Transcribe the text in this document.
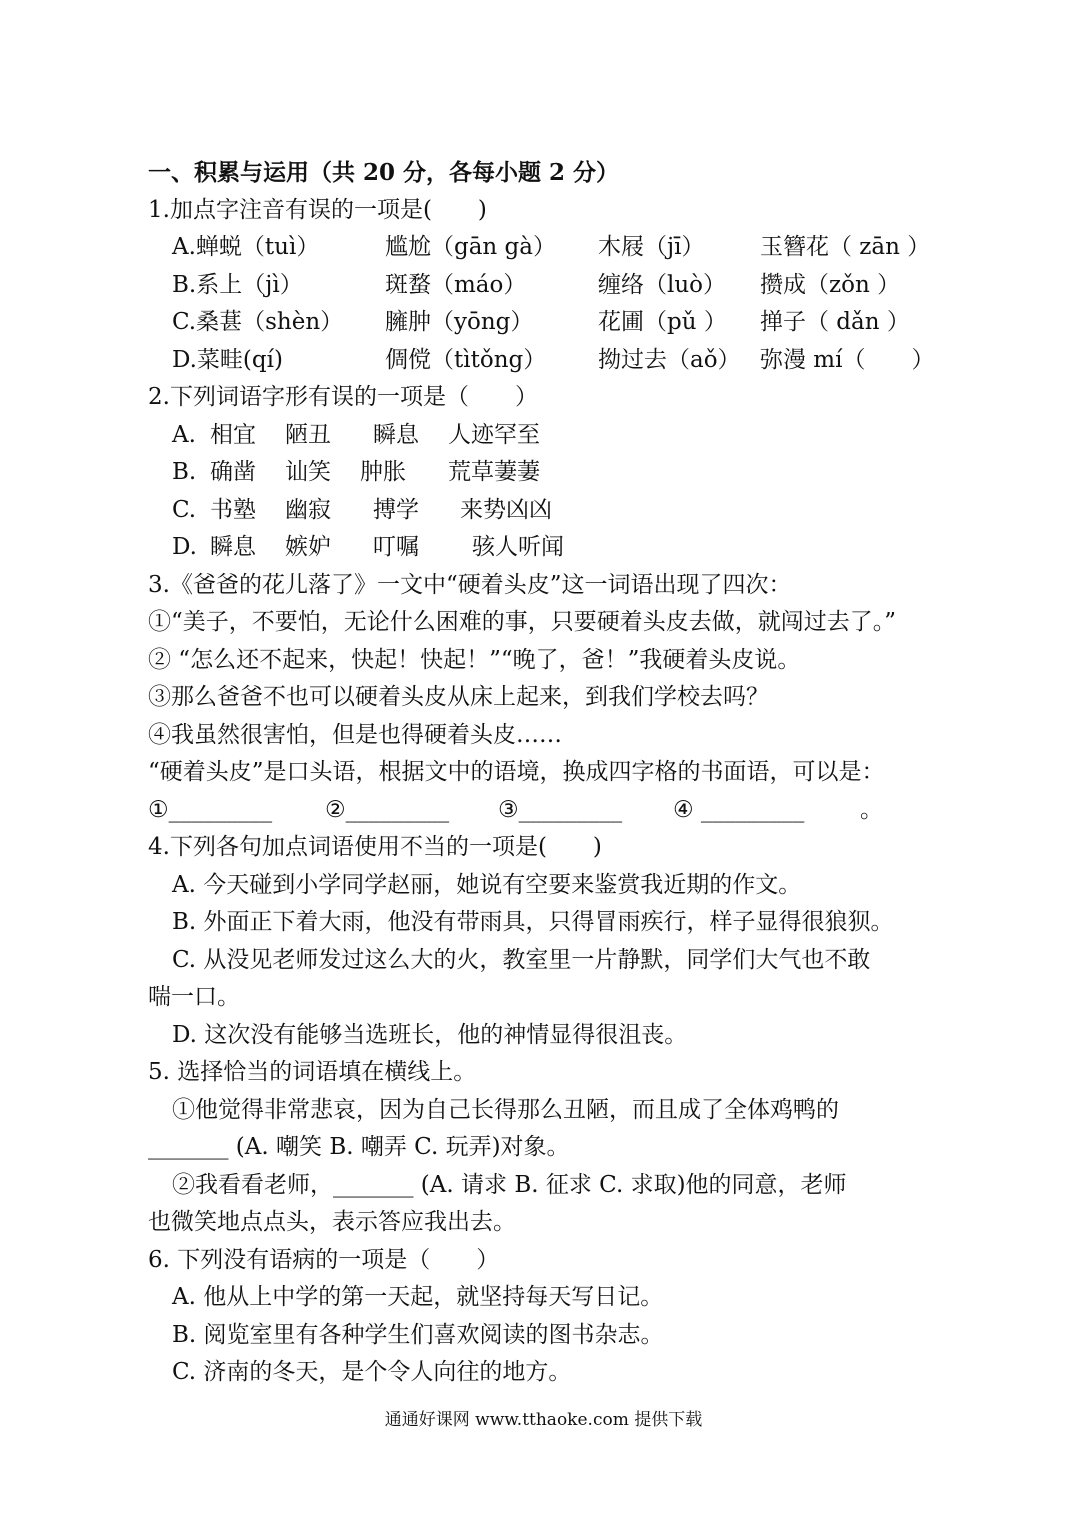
一、积累与运用（共 20 分，各每小题 2 分）
1.加点字注音有误的一项是(　　)
A.蝉蜕（tuì）	尴尬（gān gà） 木屐（jī） 玉簪花（ zān ）
B.系上（jì）	斑蝥（máo）	缠络（luò） 攒成（zǒn ）
C.桑葚（shèn） 臃肿（yōng）	花圃（pǔ ） 掸子（ dǎn ）
D.菜畦(qí)	倜傥（tìtǒng） 拗过去（aǒ） 弥漫 mí（　　）
2.下列词语字形有误的一项是（　　）
A. 相宜 陋丑 瞬息 人迹罕至
B. 确凿 讪笑 肿胀 荒草萋萋
C. 书塾 幽寂 搏学 来势凶凶
D. 瞬息 嫉妒 叮嘱 骇人听闻
3.《爸爸的花儿落了》一文中“硬着头皮”这一词语出现了四次：
①“美子，不要怕，无论什么困难的事，只要硬着头皮去做，就闯过去了。”
② “怎么还不起来，快起！快起！”“晚了，爸！”我硬着头皮说。
③那么爸爸不也可以硬着头皮从床上起来，到我们学校去吗？
④我虽然很害怕，但是也得硬着头皮……
“硬着头皮”是口头语，根据文中的语境，换成四字格的书面语，可以是：
①_________ ②_________ ③_________ ④ _________ 。
4.下列各句加点词语使用不当的一项是(　　)
A. 今天碰到小学同学赵丽，她说有空要来鉴赏我近期的作文。
B. 外面正下着大雨，他没有带雨具，只得冒雨疾行，样子显得很狼狈。
C. 从没见老师发过这么大的火，教室里一片静默，同学们大气也不敢
喘一口。
D. 这次没有能够当选班长，他的神情显得很沮丧。
5. 选择恰当的词语填在横线上。
①他觉得非常悲哀，因为自己长得那么丑陋，而且成了全体鸡鸭的
_______ (A. 嘲笑 B. 嘲弄 C. 玩弄)对象。
②我看看老师，_______ (A. 请求 B. 征求 C. 求取)他的同意，老师
也微笑地点点头，表示答应我出去。
6. 下列没有语病的一项是（　　）
A. 他从上中学的第一天起，就坚持每天写日记。
B. 阅览室里有各种学生们喜欢阅读的图书杂志。
C. 济南的冬天，是个令人向往的地方。
通通好课网 www.tthaoke.com 提供下载
